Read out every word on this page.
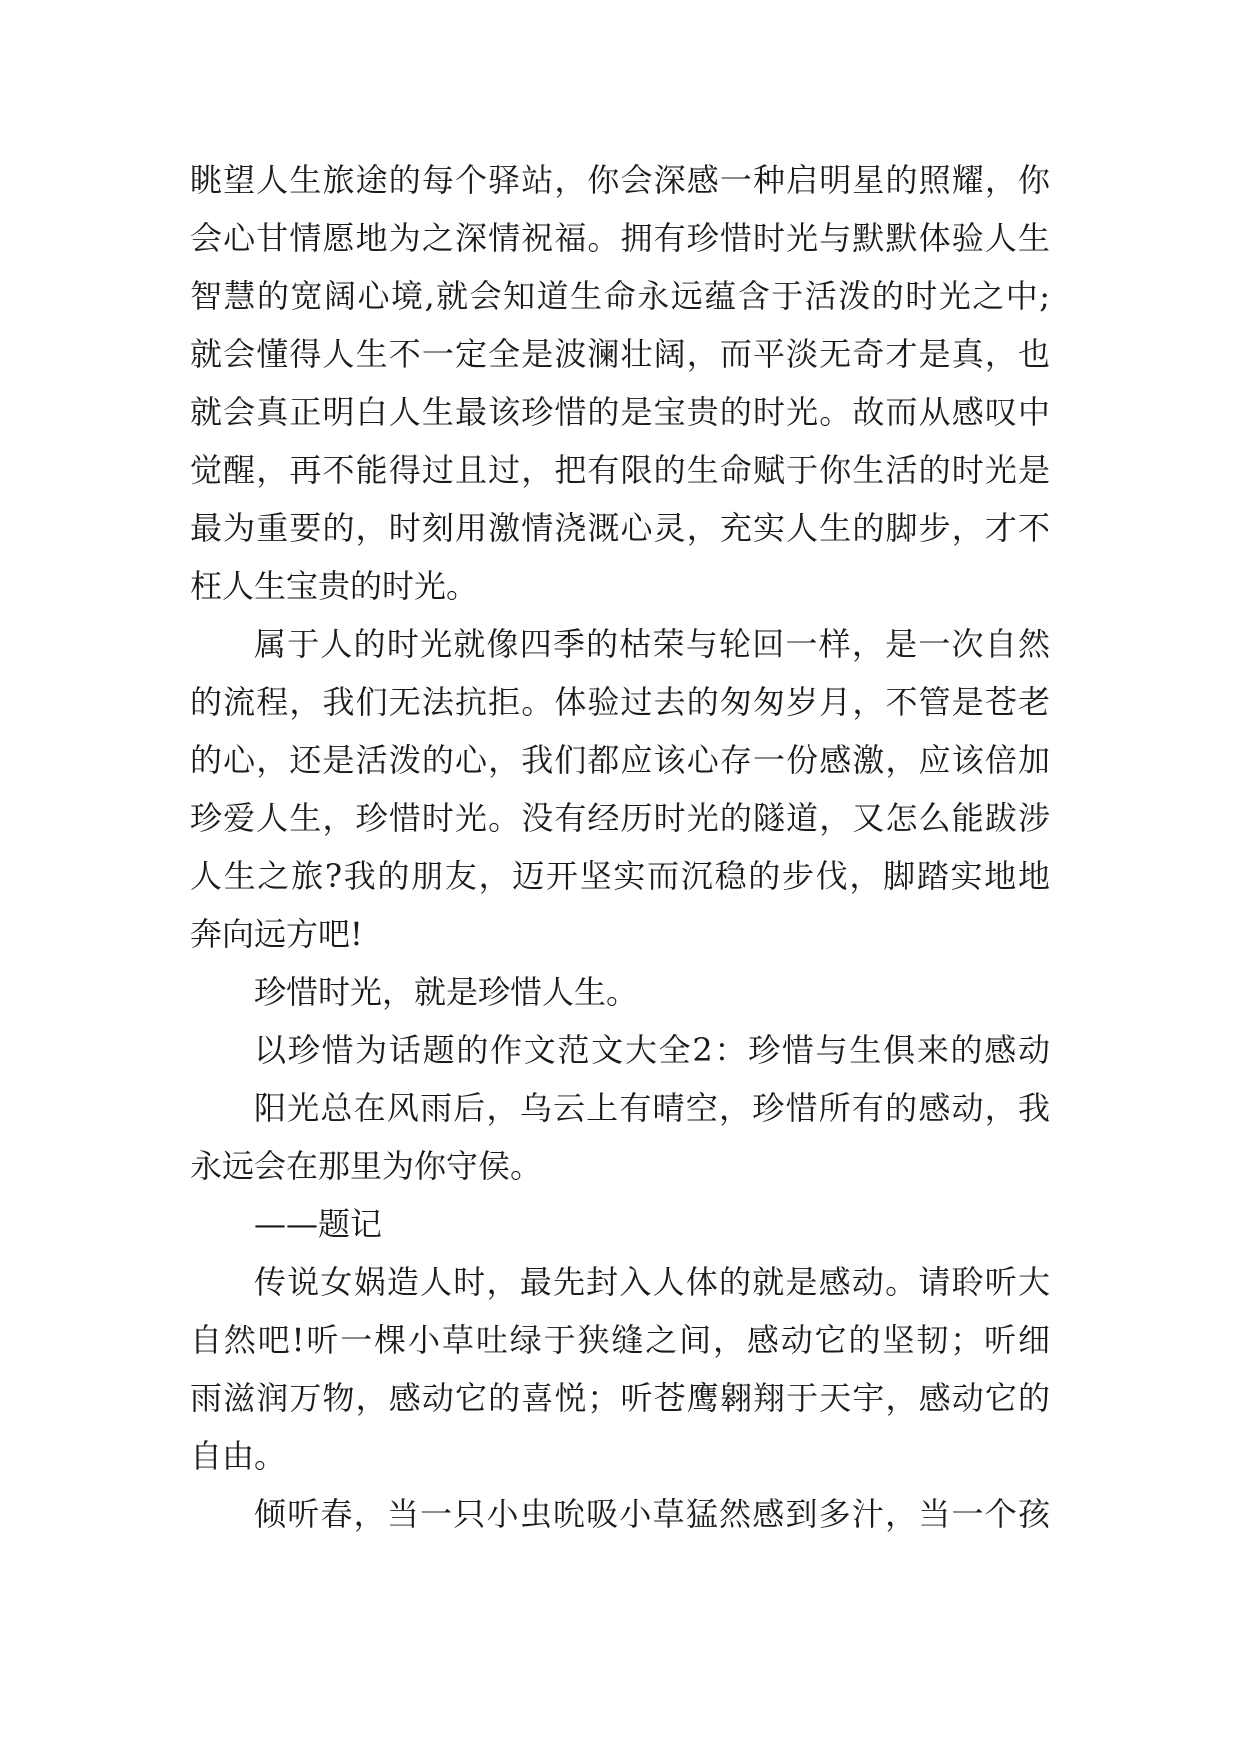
眺望人生旅途的每个驿站，你会深感一种启明星的照耀，你
会心甘情愿地为之深情祝福。拥有珍惜时光与默默体验人生
智慧的宽阔心境,就会知道生命永远蕴含于活泼的时光之中;
就会懂得人生不一定全是波澜壮阔，而平淡无奇才是真，也
就会真正明白人生最该珍惜的是宝贵的时光。故而从感叹中
觉醒，再不能得过且过，把有限的生命赋于你生活的时光是
最为重要的，时刻用激情浇溉心灵，充实人生的脚步，才不
枉人生宝贵的时光。
属于人的时光就像四季的枯荣与轮回一样，是一次自然
的流程，我们无法抗拒。体验过去的匆匆岁月，不管是苍老
的心，还是活泼的心，我们都应该心存一份感激，应该倍加
珍爱人生，珍惜时光。没有经历时光的隧道，又怎么能跋涉
人生之旅?我的朋友，迈开坚实而沉稳的步伐，脚踏实地地
奔向远方吧!
珍惜时光，就是珍惜人生。
以珍惜为话题的作文范文大全2：珍惜与生俱来的感动
阳光总在风雨后，乌云上有晴空，珍惜所有的感动，我
永远会在那里为你守侯。
——题记
传说女娲造人时，最先封入人体的就是感动。请聆听大
自然吧!听一棵小草吐绿于狭缝之间，感动它的坚韧；听细
雨滋润万物，感动它的喜悦；听苍鹰翱翔于天宇，感动它的
自由。
倾听春，当一只小虫吮吸小草猛然感到多汁，当一个孩
